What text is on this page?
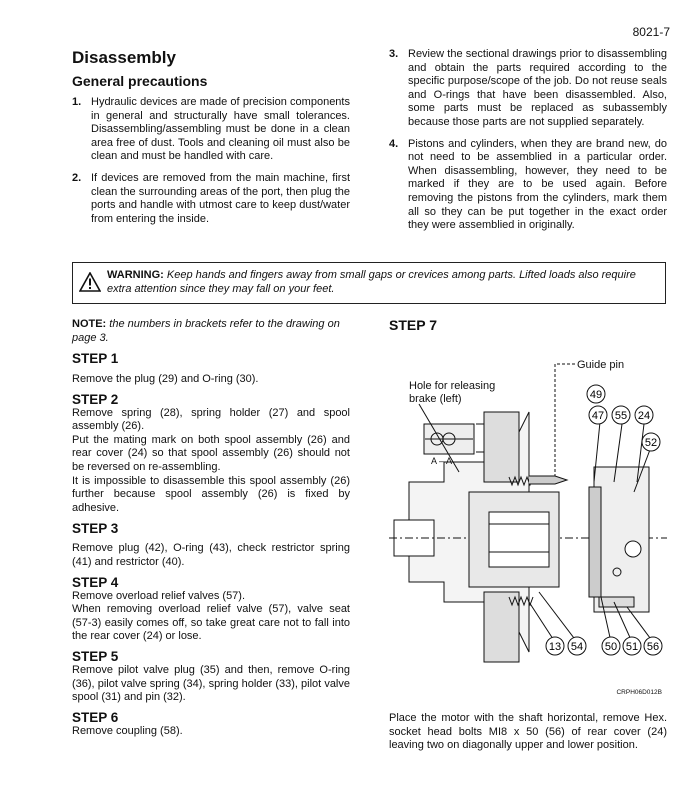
8021-7
Disassembly
General precautions
1. Hydraulic devices are made of precision components in general and structurally have small tolerances. Disassembling/assembling must be done in a clean area free of dust. Tools and cleaning oil must also be clean and must be handled with care.
2. If devices are removed from the main machine, first clean the surrounding areas of the port, then plug the ports and handle with utmost care to keep dust/water from entering the inside.
3. Review the sectional drawings prior to disassembling and obtain the parts required according to the specific purpose/scope of the job. Do not reuse seals and O-rings that have been disassembled. Also, some parts must be replaced as subassembly because those parts are not supplied separately.
4. Pistons and cylinders, when they are brand new, do not need to be assemblied in a particular order. When disassembling, however, they need to be marked if they are to be used again. Before removing the pistons from the cylinders, mark them all so they can be put together in the exact order they were assemblied in originally.
WARNING: Keep hands and fingers away from small gaps or crevices among parts. Lifted loads also require extra attention since they may fall on your feet.
NOTE: the numbers in brackets refer to the drawing on page 3.
STEP 1

Remove the plug (29) and O-ring (30).

STEP 2

Remove spring (28), spring holder (27) and spool assembly (26).

Put the mating mark on both spool assembly (26) and rear cover (24) so that spool assembly (26) should not be reversed on re-assembling.

It is impossible to disassemble this spool assembly (26) further because spool assembly (26) is fixed by adhesive.

STEP 3

Remove plug (42), O-ring (43), check restrictor spring (41) and restrictor (40).

STEP 4

Remove overload relief valves (57).

When removing overload relief valve (57), valve seat (57-3) easily comes off, so take great care not to fall into the rear cover (24) or lose.

STEP 5

Remove pilot valve plug (35) and then, remove O-ring (36), pilot valve spring (34), spring holder (33), pilot valve spool (31) and pin (32).

STEP 6

Remove coupling (58).

STEP 7
49
47 55 24
52
13 54 50 51 56
Guide pin
Hole for releasing
brake (left)
A – A
CRPH06D012B
Place the motor with the shaft horizontal, remove Hex. socket head bolts MI8 x 50 (56) of rear cover (24) leaving two on diagonally upper and lower position.
